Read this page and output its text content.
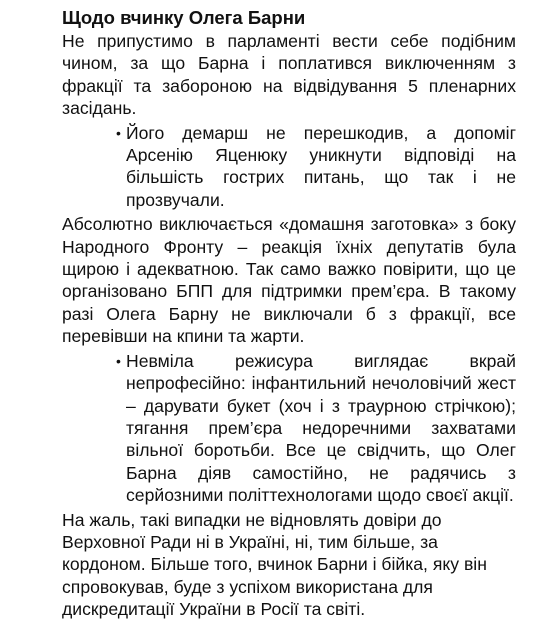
Щодо вчинку Олега Барни

Не припустимо в парламенті вести себе подібним чином, за що Барна і поплатився виключенням з фракції та забороною на відвідування 5 пленарних засідань.

• Його демарш не перешкодив, а допоміг Арсенію Яценюку уникнути відповіді на більшість гострих питань, що так і не прозвучали.

Абсолютно виключається «домашня заготовка» з боку Народного Фронту – реакція їхніх депутатів була щирою і адекватною. Так само важко повірити, що це організовано БПП для підтримки прем’єра. В такому разі Олега Барну не виключали б з фракції, все перевівши на кпини та жарти.

• Невміла режисура виглядає вкрай непрофесійно: інфантильний нечоловічий жест – дарувати букет (хоч і з траурною стрічкою); тягання прем’єра недоречними захватами вільної боротьби. Все це свідчить, що Олег Барна діяв самостійно, не радячись з серйозними політтехнологами щодо своєї акції.

На жаль, такі випадки не відновлять довіри до Верховної Ради ні в Україні, ні, тим більше, за кордоном. Більше того, вчинок Барни і бійка, яку він спровокував, буде з успіхом використана для дискредитації України в Росії та світі.
